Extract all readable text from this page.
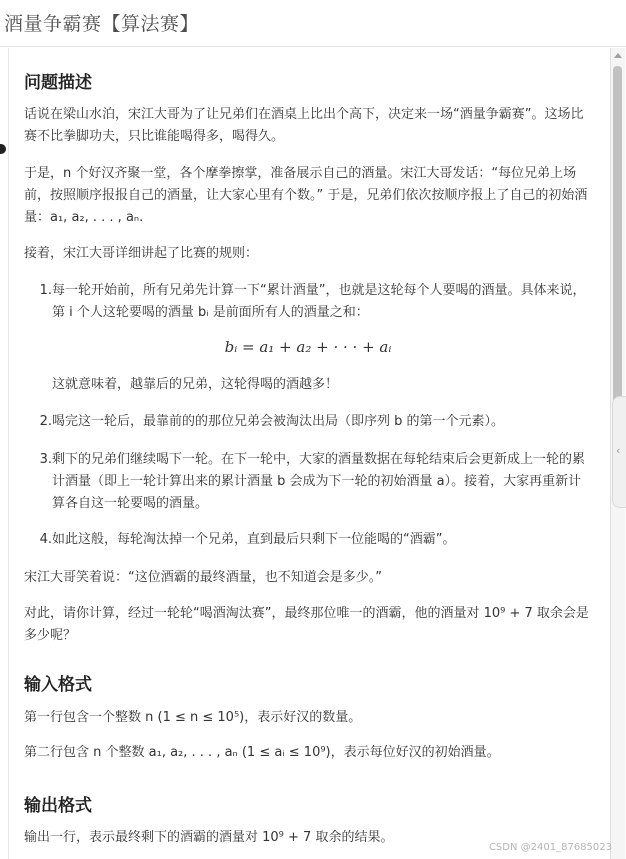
酒量争霸赛【算法赛】
问题描述

话说在梁山水泊，宋江大哥为了让兄弟们在酒桌上比出个高下，决定来一场“酒量争霸赛”。这场比赛不比拳脚功夫，只比谁能喝得多，喝得久。

于是，n 个好汉齐聚一堂，各个摩拳擦掌，准备展示自己的酒量。宋江大哥发话：“每位兄弟上场前，按照顺序报报自己的酒量，让大家心里有个数。” 于是，兄弟们依次按顺序报上了自己的初始酒量：a₁, a₂, . . . , aₙ.

接着，宋江大哥详细讲起了比赛的规则：

1. 每一轮开始前，所有兄弟先计算一下“累计酒量”，也就是这轮每个人要喝的酒量。具体来说，第 i 个人这轮要喝的酒量 bᵢ 是前面所有人的酒量之和：
bᵢ = a₁ + a₂ + · · · + aᵢ

这就意味着，越靠后的兄弟，这轮得喝的酒越多！

2. 喝完这一轮后，最靠前的的那位兄弟会被淘汰出局（即序列 b 的第一个元素）。
3. 剩下的兄弟们继续喝下一轮。在下一轮中，大家的酒量数据在每轮结束后会更新成上一轮的累计酒量（即上一轮计算出来的累计酒量 b 会成为下一轮的初始酒量 a）。接着，大家再重新计算各自这一轮要喝的酒量。
4. 如此这般，每轮淘汰掉一个兄弟，直到最后只剩下一位能喝的“酒霸”。

宋江大哥笑着说：“这位酒霸的最终酒量，也不知道会是多少。”

对此，请你计算，经过一轮轮“喝酒淘汰赛”，最终那位唯一的酒霸，他的酒量对 10⁹ + 7 取余会是多少呢？

输入格式

第一行包含一个整数 n (1 ≤ n ≤ 10⁵)，表示好汉的数量。

第二行包含 n 个整数 a₁, a₂, . . . , aₙ (1 ≤ aᵢ ≤ 10⁹)，表示每位好汉的初始酒量。

输出格式

输出一行，表示最终剩下的酒霸的酒量对 10⁹ + 7 取余的结果。

‹
CSDN @2401_87685023
